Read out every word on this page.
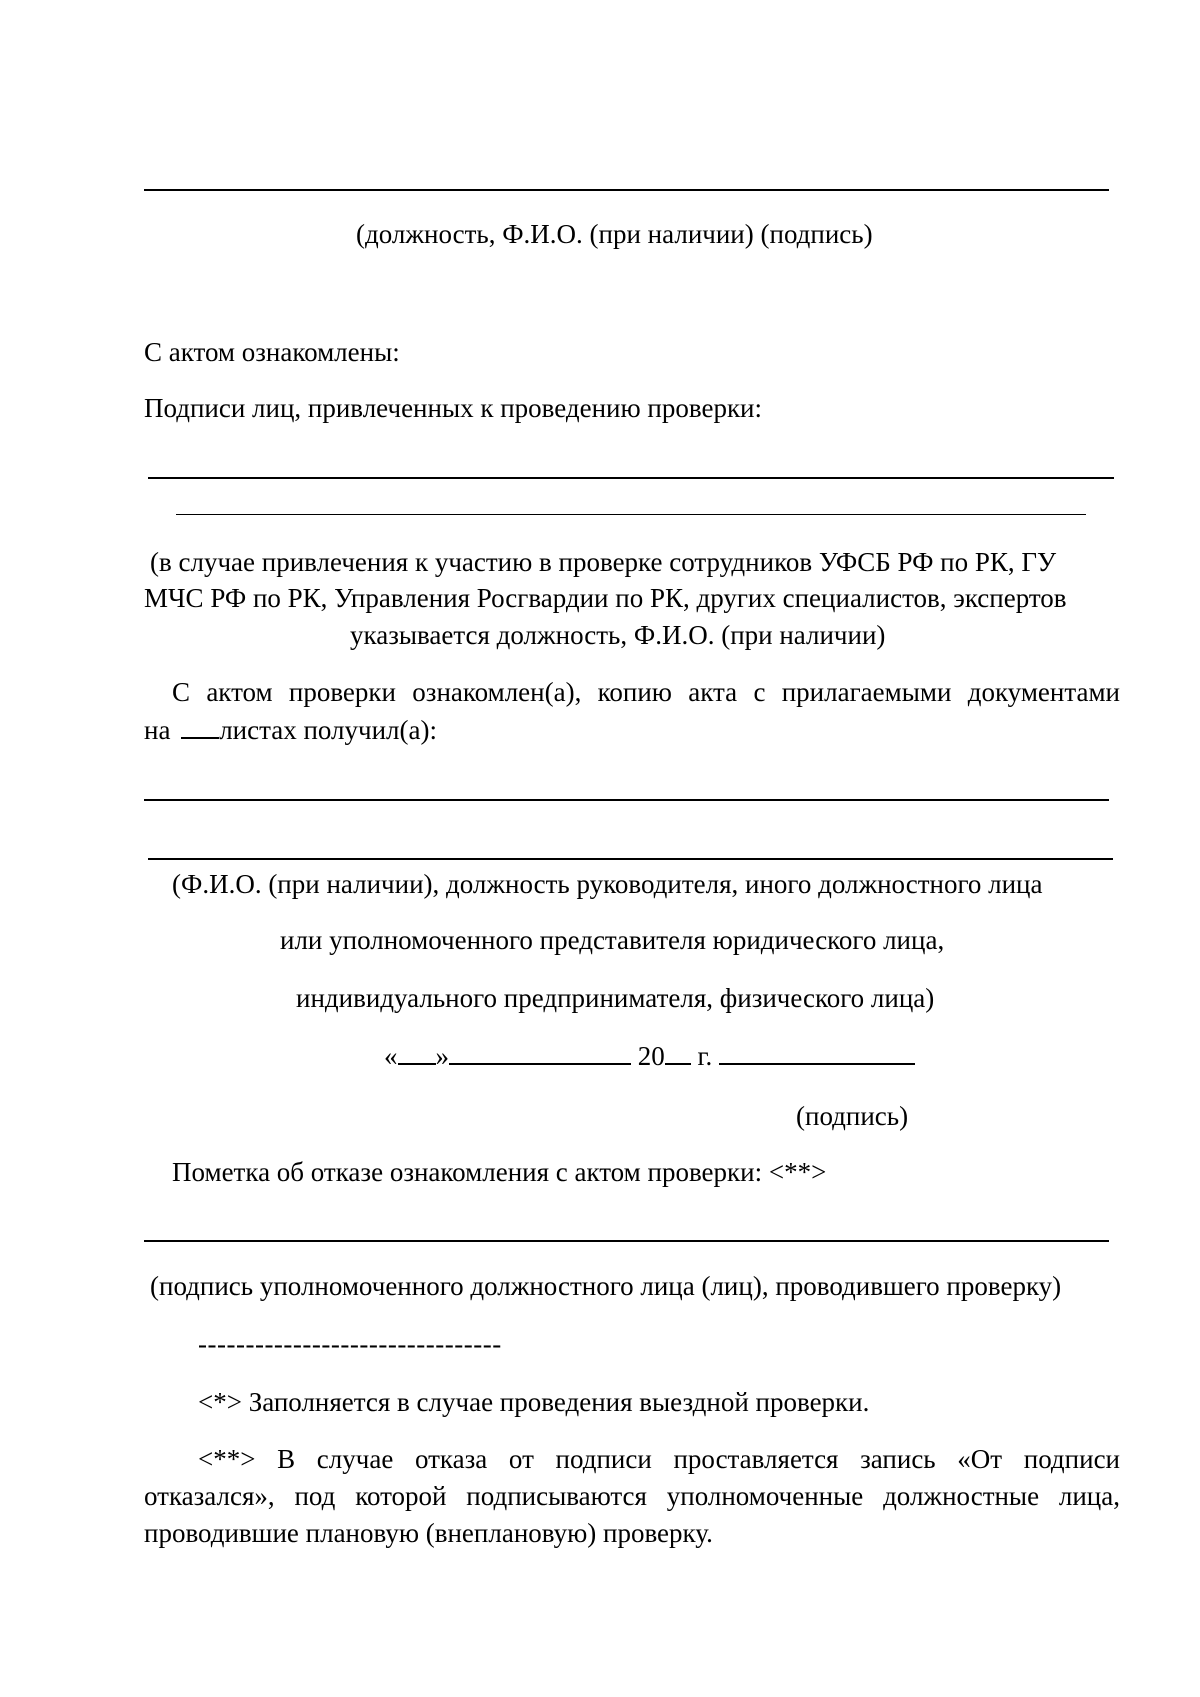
(должность, Ф.И.О. (при наличии) (подпись)
С актом ознакомлены:
Подписи лиц, привлеченных к проведению проверки:
(в случае привлечения к участию в проверке сотрудников УФСБ РФ по РК, ГУ
МЧС РФ по РК, Управления Росгвардии по РК, других специалистов, экспертов
указывается должность, Ф.И.О. (при наличии)
С актом проверки ознакомлен(а), копию акта с прилагаемыми документами
на листах получил(а):
(Ф.И.О. (при наличии), должность руководителя, иного должностного лица
или уполномоченного представителя юридического лица,
индивидуального предпринимателя, физического лица)
« »	20 г.
(подпись)
Пометка об отказе ознакомления с актом проверки: <**>
(подпись уполномоченного должностного лица (лиц), проводившего проверку)
--------------------------------
<*> Заполняется в случае проведения выездной проверки.
<**> В случае отказа от подписи проставляется запись «От подписи
отказался», под которой подписываются уполномоченные должностные лица,
проводившие плановую (внеплановую) проверку.
